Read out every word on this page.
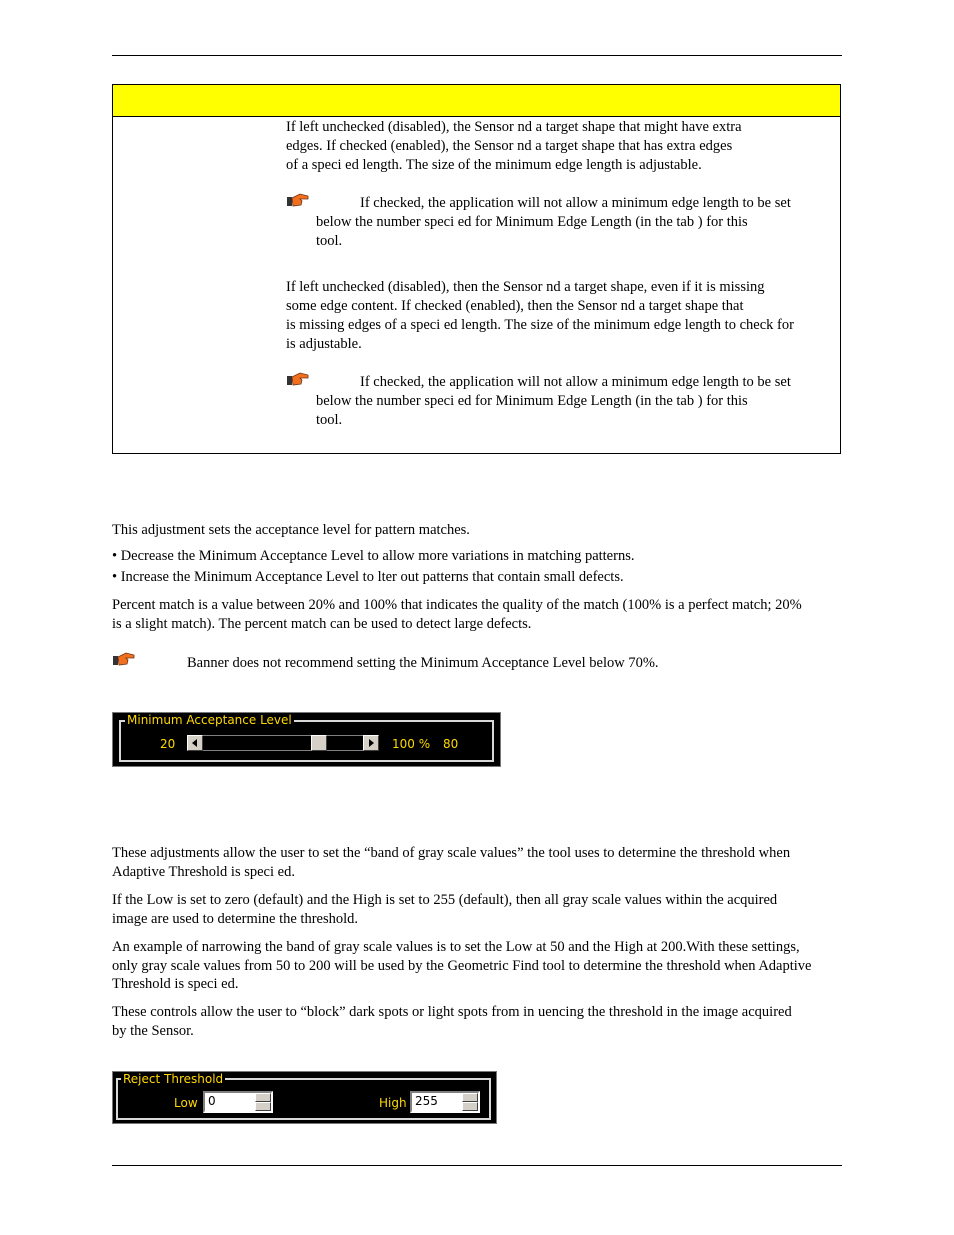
If left unchecked (disabled), the Sensor nd a target shape that might have extra
edges. If checked (enabled), the Sensor nd a target shape that has extra edges
of a speci ed length. The size of the minimum edge length is adjustable.
If checked, the application will not allow a minimum edge length to be set
below the number speci ed for Minimum Edge Length (in the tab ) for this
tool.
If left unchecked (disabled), then the Sensor nd a target shape, even if it is missing
some edge content. If checked (enabled), then the Sensor nd a target shape that
is missing edges of a speci ed length. The size of the minimum edge length to check for
is adjustable.
If checked, the application will not allow a minimum edge length to be set
below the number speci ed for Minimum Edge Length (in the tab ) for this
tool.
This adjustment sets the acceptance level for pattern matches.
• Decrease the Minimum Acceptance Level to allow more variations in matching patterns.
• Increase the Minimum Acceptance Level to lter out patterns that contain small defects.
Percent match is a value between 20% and 100% that indicates the quality of the match (100% is a perfect match; 20%
is a slight match). The percent match can be used to detect large defects.
Banner does not recommend setting the Minimum Acceptance Level below 70%.
Minimum Acceptance Level
20	100 % 80
These adjustments allow the user to set the “band of gray scale values” the tool uses to determine the threshold when
Adaptive Threshold is speci ed.
If the Low is set to zero (default) and the High is set to 255 (default), then all gray scale values within the acquired
image are used to determine the threshold.
An example of narrowing the band of gray scale values is to set the Low at 50 and the High at 200.With these settings,
only gray scale values from 50 to 200 will be used by the Geometric Find tool to determine the threshold when Adaptive
Threshold is speci ed.
These controls allow the user to “block” dark spots or light spots from in uencing the threshold in the image acquired
by the Sensor.
Reject Threshold
Low 0	High 255
